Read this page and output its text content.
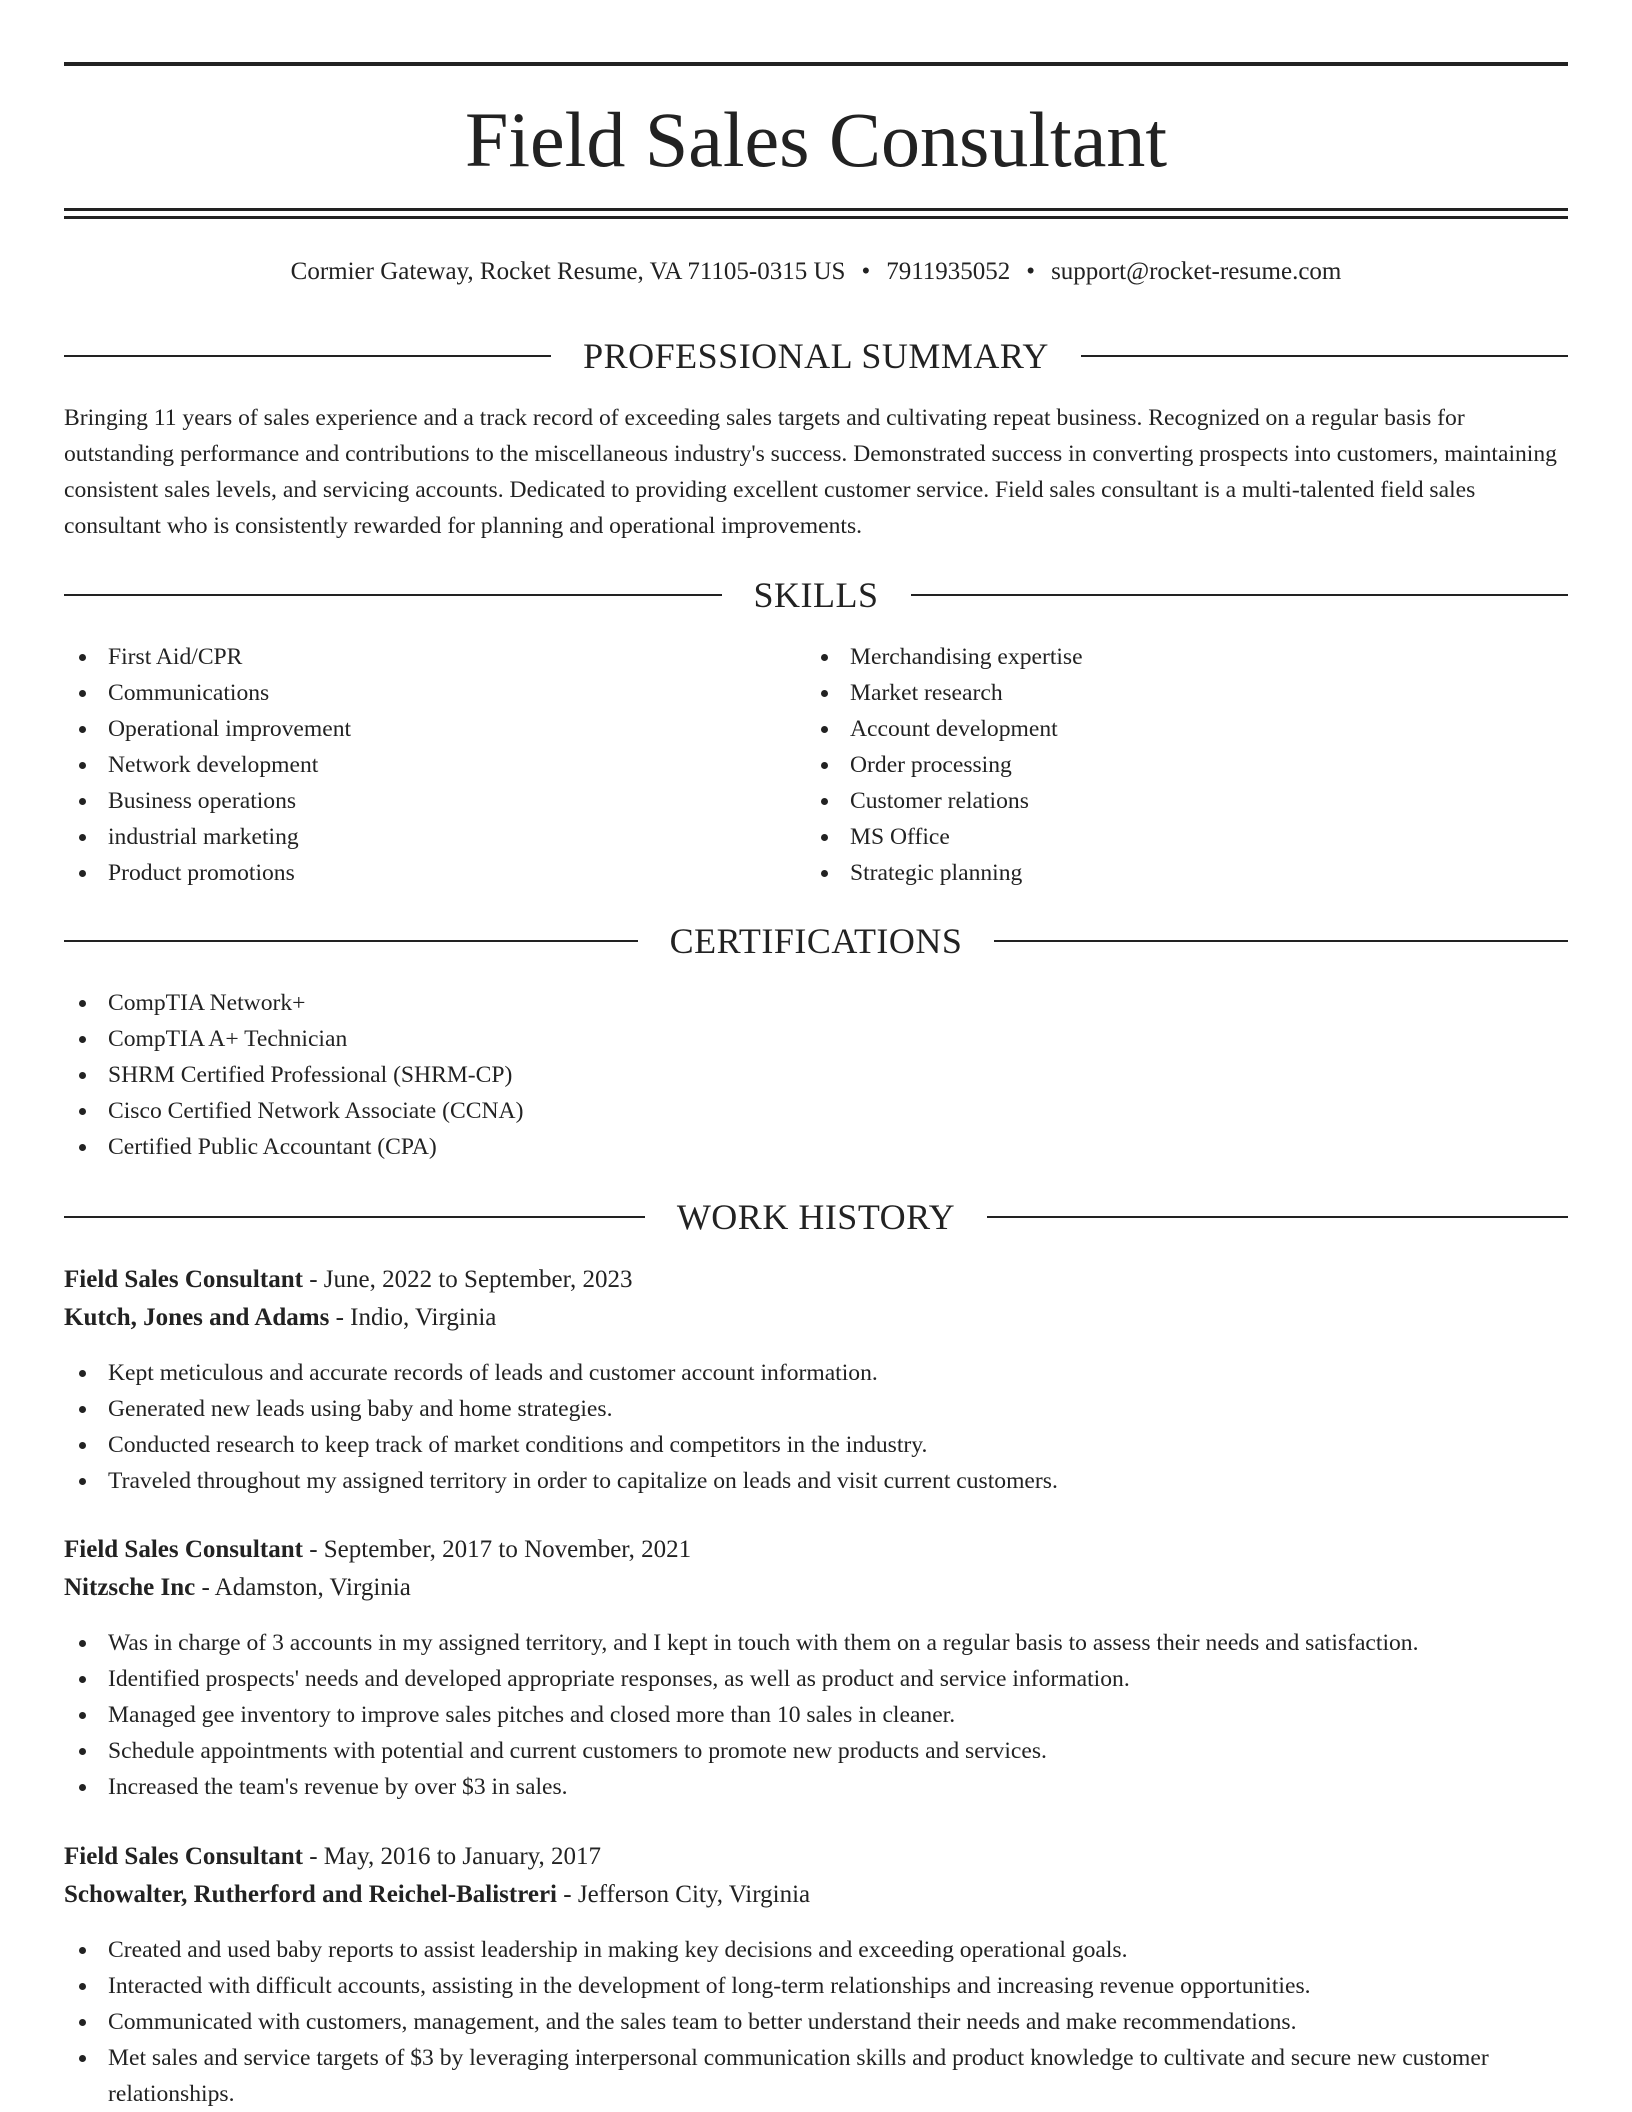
Field Sales Consultant
Cormier Gateway, Rocket Resume, VA 71105-0315 US • 7911935052 • support@rocket-resume.com
PROFESSIONAL SUMMARY

Bringing 11 years of sales experience and a track record of exceeding sales targets and cultivating repeat business. Recognized on a regular basis for outstanding performance and contributions to the miscellaneous industry's success. Demonstrated success in converting prospects into customers, maintaining consistent sales levels, and servicing accounts. Dedicated to providing excellent customer service. Field sales consultant is a multi-talented field sales consultant who is consistently rewarded for planning and operational improvements.

SKILLS
First Aid/CPR
Communications
Operational improvement
Network development
Business operations
industrial marketing
Product promotions
Merchandising expertise
Market research
Account development
Order processing
Customer relations
MS Office
Strategic planning
CERTIFICATIONS
CompTIA Network+
CompTIA A+ Technician
SHRM Certified Professional (SHRM-CP)
Cisco Certified Network Associate (CCNA)
Certified Public Accountant (CPA)
WORK HISTORY
Field Sales Consultant - June, 2022 to September, 2023
Kutch, Jones and Adams - Indio, Virginia
Kept meticulous and accurate records of leads and customer account information.
Generated new leads using baby and home strategies.
Conducted research to keep track of market conditions and competitors in the industry.
Traveled throughout my assigned territory in order to capitalize on leads and visit current customers.
Field Sales Consultant - September, 2017 to November, 2021
Nitzsche Inc - Adamston, Virginia
Was in charge of 3 accounts in my assigned territory, and I kept in touch with them on a regular basis to assess their needs and satisfaction.
Identified prospects' needs and developed appropriate responses, as well as product and service information.
Managed gee inventory to improve sales pitches and closed more than 10 sales in cleaner.
Schedule appointments with potential and current customers to promote new products and services.
Increased the team's revenue by over $3 in sales.
Field Sales Consultant - May, 2016 to January, 2017
Schowalter, Rutherford and Reichel-Balistreri - Jefferson City, Virginia
Created and used baby reports to assist leadership in making key decisions and exceeding operational goals.
Interacted with difficult accounts, assisting in the development of long-term relationships and increasing revenue opportunities.
Communicated with customers, management, and the sales team to better understand their needs and make recommendations.
Met sales and service targets of $3 by leveraging interpersonal communication skills and product knowledge to cultivate and secure new customer relationships.
